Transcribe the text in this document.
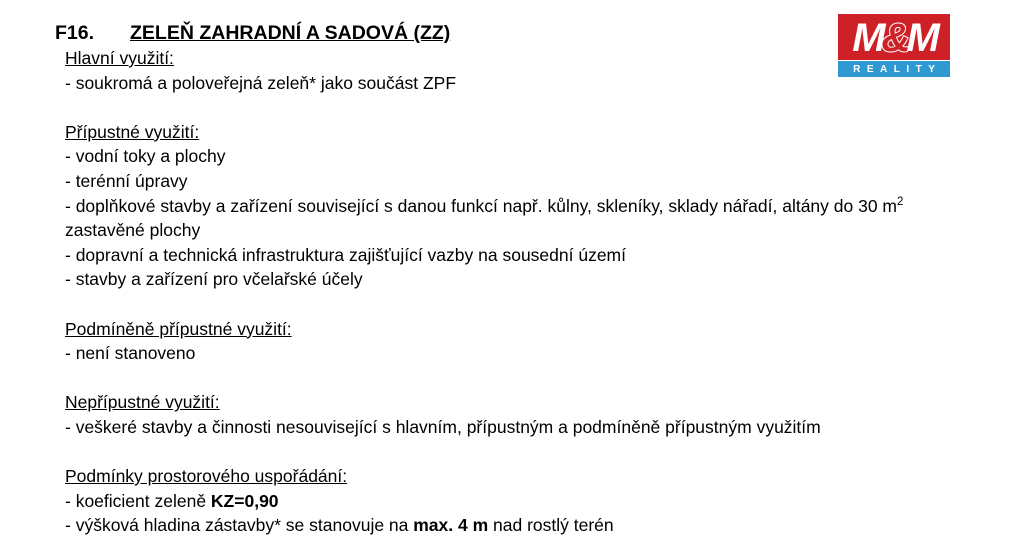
F16. ZELEŇ ZAHRADNÍ A SADOVÁ (ZZ)
Hlavní využití:
- soukromá a poloveřejná zeleň* jako součást ZPF
Přípustné využití:
- vodní toky a plochy
- terénní úpravy
- doplňkové stavby a zařízení související s danou funkcí např. kůlny, skleníky, sklady nářadí, altány do 30 $m^2$
zastavěné plochy
- dopravní a technická infrastruktura zajišťující vazby na sousední území
- stavby a zařízení pro včelařské účely
Podmíněně přípustné využití:
- není stanoveno
Nepřípustné využití:
- veškeré stavby a činnosti nesouvisející s hlavním, přípustným a podmíněně přípustným využitím
Podmínky prostorového uspořádání:
- koeficient zeleně KZ=0,90
- výšková hladina zástavby* se stanovuje na max. 4 m nad rostlý terén
M&M
REALITY
